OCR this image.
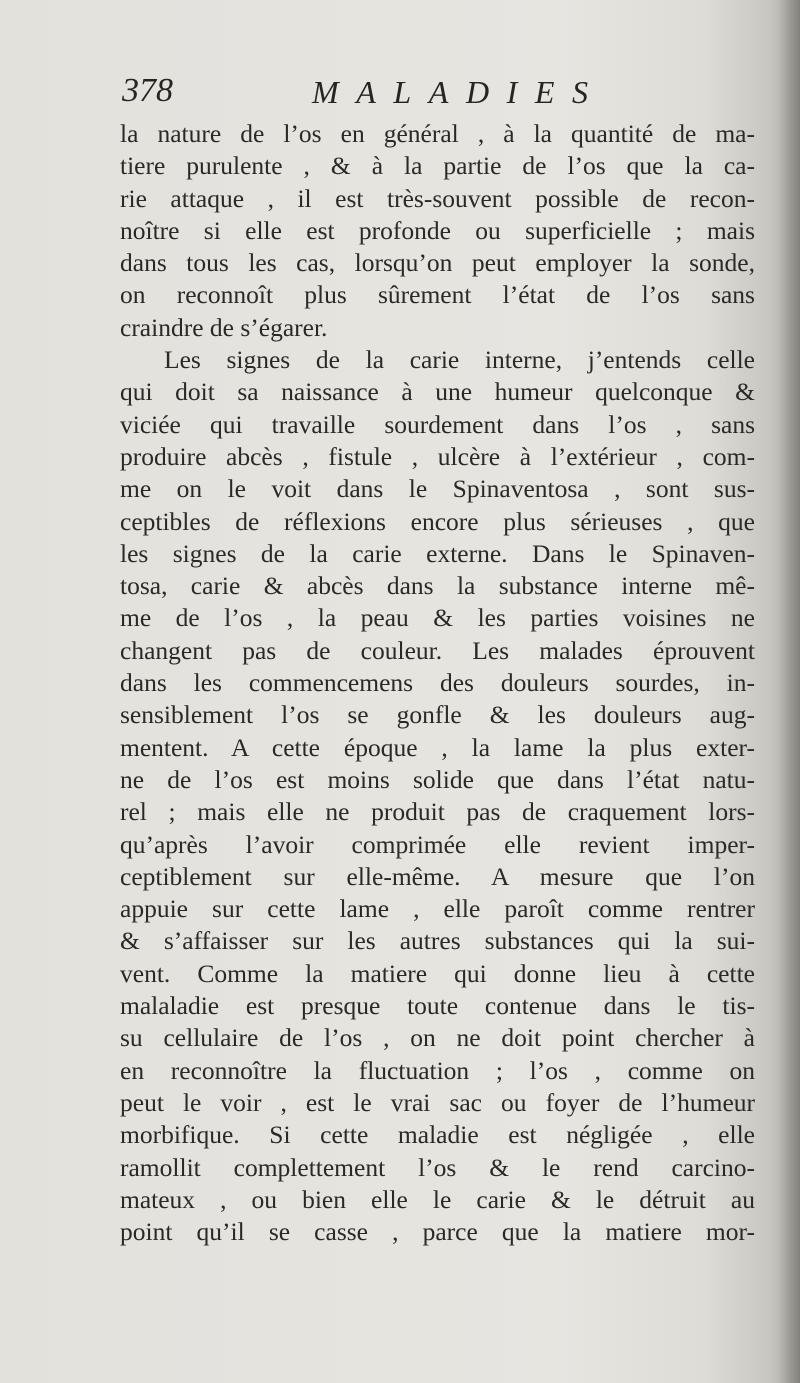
378	MALADIES
la nature de l’os en général , à la quantité de ma-
tiere purulente , & à la partie de l’os que la ca-
rie attaque , il est très-souvent possible de recon-
noître si elle est profonde ou superficielle ; mais
dans tous les cas, lorsqu’on peut employer la sonde,
on reconnoît plus sûrement l’état de l’os sans
craindre de s’égarer.
Les signes de la carie interne, j’entends celle
qui doit sa naissance à une humeur quelconque &
viciée qui travaille sourdement dans l’os , sans
produire abcès , fistule , ulcère à l’extérieur , com-
me on le voit dans le Spinaventosa , sont sus-
ceptibles de réflexions encore plus sérieuses , que
les signes de la carie externe. Dans le Spinaven-
tosa, carie & abcès dans la substance interne mê-
me de l’os , la peau & les parties voisines ne
changent pas de couleur. Les malades éprouvent
dans les commencemens des douleurs sourdes, in-
sensiblement l’os se gonfle & les douleurs aug-
mentent. A cette époque , la lame la plus exter-
ne de l’os est moins solide que dans l’état natu-
rel ; mais elle ne produit pas de craquement lors-
qu’après l’avoir comprimée elle revient imper-
ceptiblement sur elle-même. A mesure que l’on
appuie sur cette lame , elle paroît comme rentrer
& s’affaisser sur les autres substances qui la sui-
vent. Comme la matiere qui donne lieu à cette
malaladie est presque toute contenue dans le tis-
su cellulaire de l’os , on ne doit point chercher à
en reconnoître la fluctuation ; l’os , comme on
peut le voir , est le vrai sac ou foyer de l’humeur
morbifique. Si cette maladie est négligée , elle
ramollit complettement l’os & le rend carcino-
mateux , ou bien elle le carie & le détruit au
point qu’il se casse , parce que la matiere mor-
